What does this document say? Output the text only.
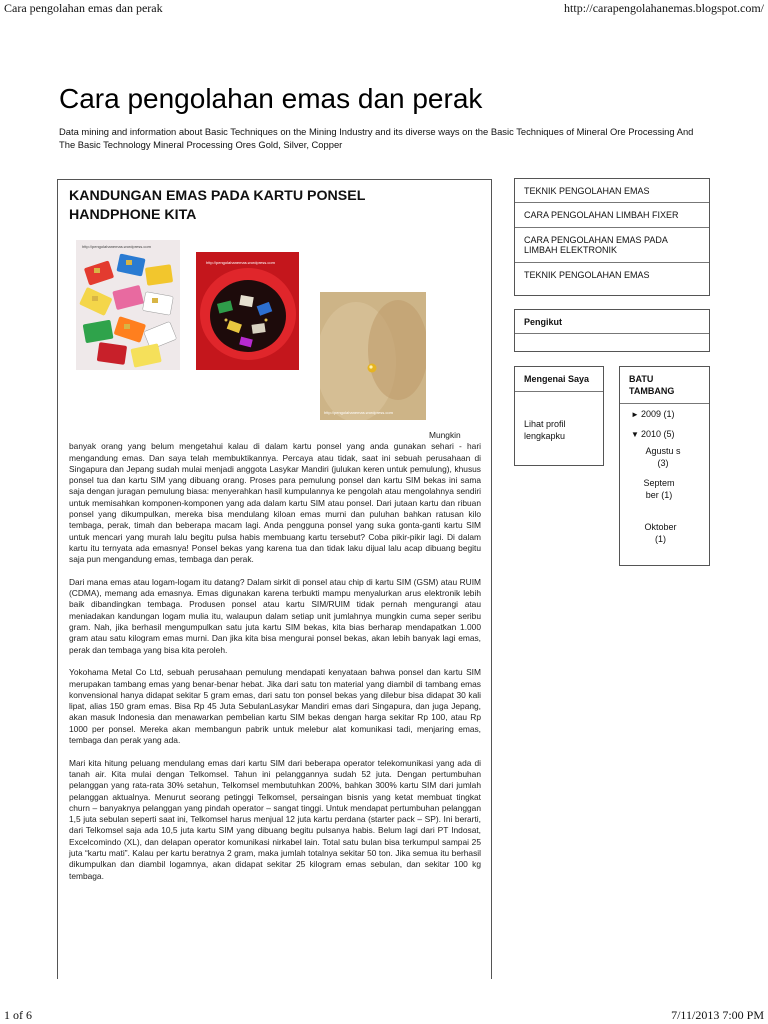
Cara pengolahan emas dan perak	http://carapengolahanemas.blogspot.com/
Cara pengolahan emas dan perak
Data mining and information about Basic Techniques on the Mining Industry and its diverse ways on the Basic Techniques of Mineral Ore Processing And The Basic Technology Mineral Processing Ores Gold, Silver, Copper
KANDUNGAN EMAS PADA KARTU PONSEL HANDPHONE KITA
http://pengolahanemas.wordpress.com
http://pengolahanemas.wordpress.com
http://pengolahanemas.wordpress.com

Mungkin banyak orang yang belum mengetahui kalau di dalam kartu ponsel yang anda gunakan sehari - hari mengandung emas. Dan saya telah membuktikannya. Percaya atau tidak, saat ini sebuah perusahaan di Singapura dan Jepang sudah mulai menjadi anggota Lasykar Mandiri (julukan keren untuk pemulung), khusus ponsel tua dan kartu SIM yang dibuang orang. Proses para pemulung ponsel dan kartu SIM bekas ini sama saja dengan juragan pemulung biasa: menyerahkan hasil kumpulannya ke pengolah atau mengolahnya sendiri untuk memisahkan komponen-komponen yang ada dalam kartu SIM atau ponsel. Dari jutaan kartu dan ribuan ponsel yang dikumpulkan, mereka bisa mendulang kiloan emas murni dan puluhan bahkan ratusan kilo tembaga, perak, timah dan beberapa macam lagi. Anda pengguna ponsel yang suka gonta-ganti kartu SIM untuk mencari yang murah lalu begitu pulsa habis membuang kartu tersebut? Coba pikir-pikir lagi. Di dalam kartu itu ternyata ada emasnya! Ponsel bekas yang karena tua dan tidak laku dijual lalu acap dibuang begitu saja pun mengandung emas, tembaga dan perak.

Dari mana emas atau logam-logam itu datang? Dalam sirkit di ponsel atau chip di kartu SIM (GSM) atau RUIM (CDMA), memang ada emasnya. Emas digunakan karena terbukti mampu menyalurkan arus elektronik lebih baik dibandingkan tembaga. Produsen ponsel atau kartu SIM/RUIM tidak pernah mengurangi atau meniadakan kandungan logam mulia itu, walaupun dalam setiap unit jumlahnya mungkin cuma seper seribu gram. Nah, jika berhasil mengumpulkan satu juta kartu SIM bekas, kita bias berharap mendapatkan 1.000 gram atau satu kilogram emas murni. Dan jika kita bisa mengurai ponsel bekas, akan lebih banyak lagi emas, perak dan tembaga yang bisa kita peroleh.

Yokohama Metal Co Ltd, sebuah perusahaan pemulung mendapati kenyataan bahwa ponsel dan kartu SIM merupakan tambang emas yang benar-benar hebat. Jika dari satu ton material yang diambil di tambang emas konvensional hanya didapat sekitar 5 gram emas, dari satu ton ponsel bekas yang dilebur bisa didapat 30 kali lipat, alias 150 gram emas. Bisa Rp 45 Juta SebulanLasykar Mandiri emas dari Singapura, dan juga Jepang, akan masuk Indonesia dan menawarkan pembelian kartu SIM bekas dengan harga sekitar Rp 100, atau Rp 1000 per ponsel. Mereka akan membangun pabrik untuk melebur alat komunikasi tadi, menjaring emas, tembaga dan perak yang ada.

Mari kita hitung peluang mendulang emas dari kartu SIM dari beberapa operator telekomunikasi yang ada di tanah air. Kita mulai dengan Telkomsel. Tahun ini pelanggannya sudah 52 juta. Dengan pertumbuhan pelanggan yang rata-rata 30% setahun, Telkomsel membutuhkan 200%, bahkan 300% kartu SIM dari jumlah pelanggan aktualnya. Menurut seorang petinggi Telkomsel, persaingan bisnis yang ketat membuat tingkat churn – banyaknya pelanggan yang pindah operator – sangat tinggi. Untuk mendapat pertumbuhan pelanggan 1,5 juta sebulan seperti saat ini, Telkomsel harus menjual 12 juta kartu perdana (starter pack – SP). Ini berarti, dari Telkomsel saja ada 10,5 juta kartu SIM yang dibuang begitu pulsanya habis. Belum lagi dari PT Indosat, Excelcomindo (XL), dan delapan operator komunikasi nirkabel lain. Total satu bulan bisa terkumpul sampai 25 juta “kartu mati”. Kalau per kartu beratnya 2 gram, maka jumlah totalnya sekitar 50 ton. Jika semua itu berhasil dikumpulkan dan diambil logamnya, akan didapat sekitar 25 kilogram emas sebulan, dan sekitar 100 kg tembaga.

TEKNIK PENGOLAHAN EMAS
CARA PENGOLAHAN LIMBAH FIXER
CARA PENGOLAHAN EMAS PADA LIMBAH ELEKTRONIK
TEKNIK PENGOLAHAN EMAS
Pengikut
Mengenai Saya
Lihat profil lengkapku
BATU TAMBANG
► 2009 (1)
▼ 2010 (5)
Agustu s (3)
Septem ber (1)
Oktober (1)
1 of 6	7/11/2013 7:00 PM
